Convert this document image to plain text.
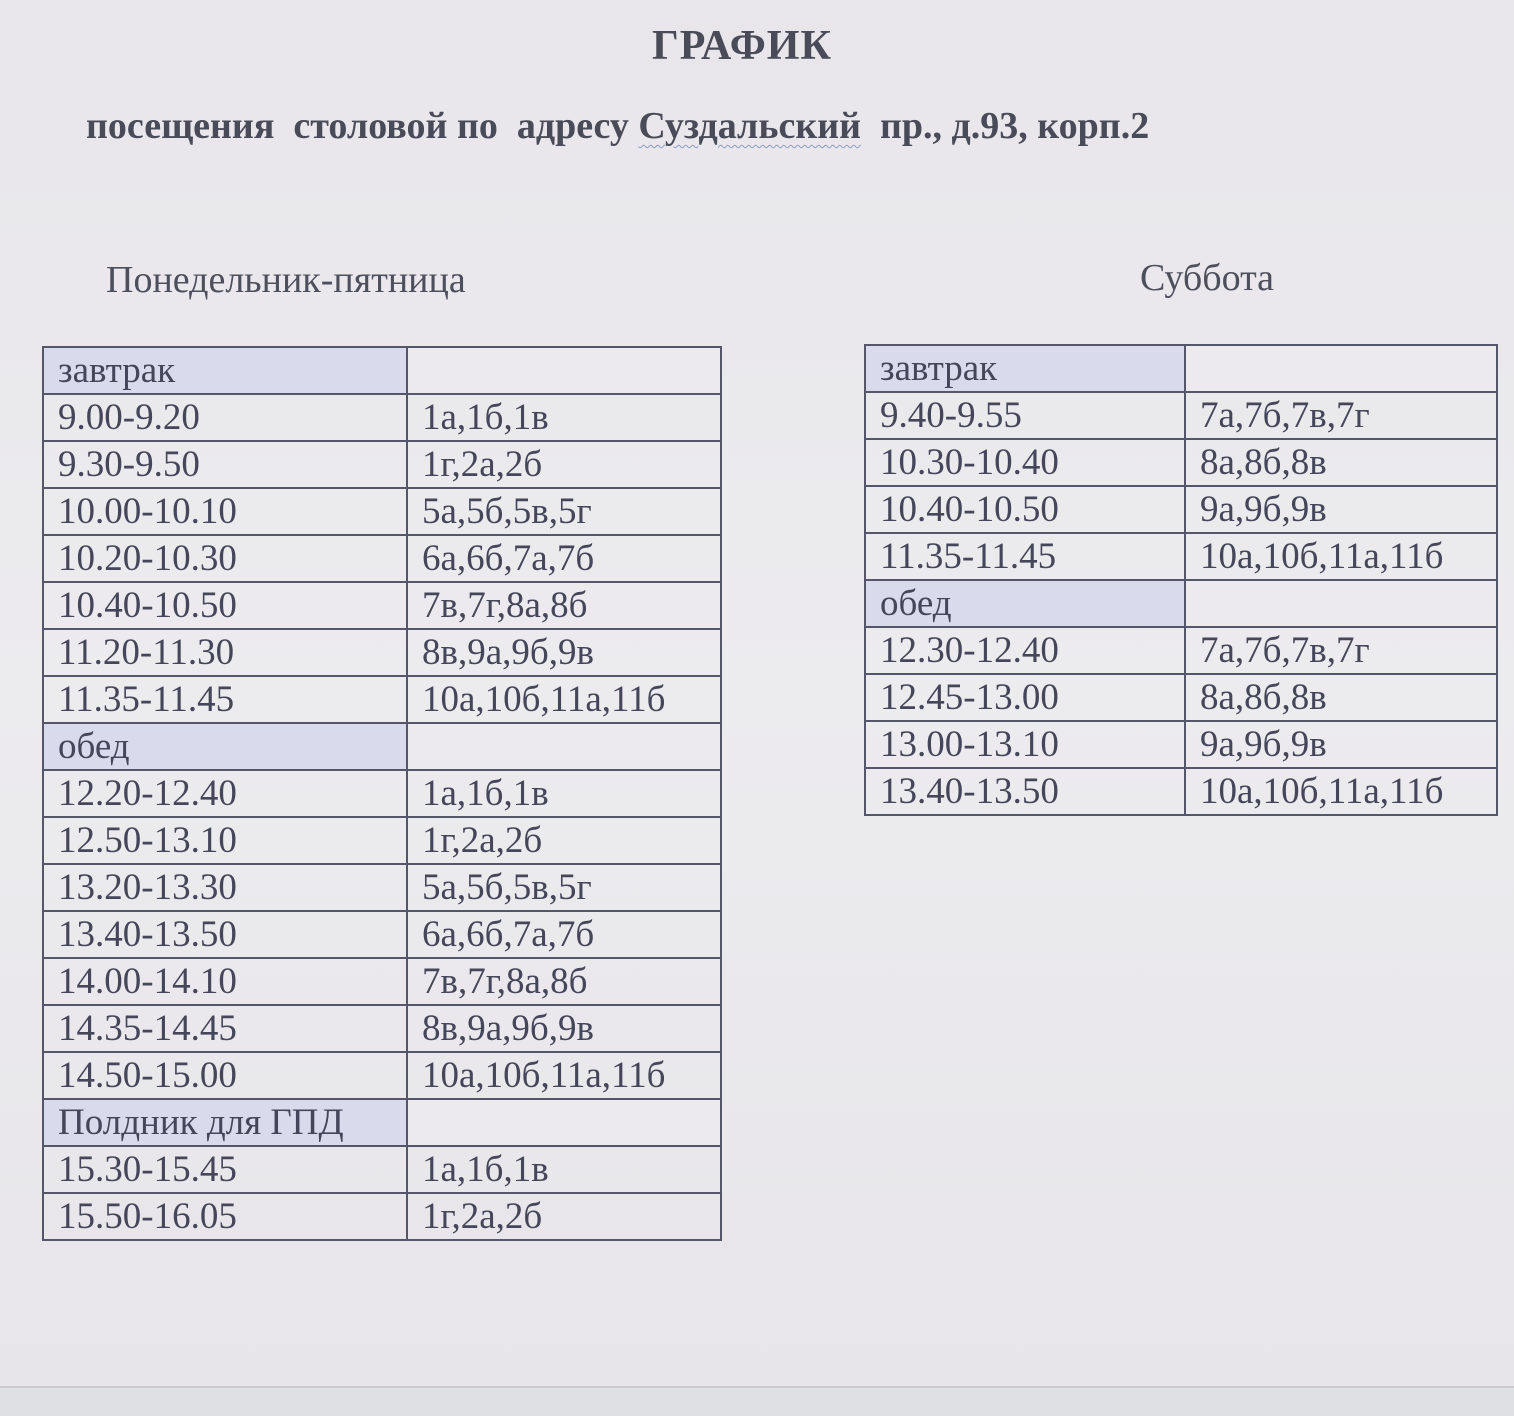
ГРАФИК
посещения  столовой по  адресу Суздальский  пр., д.93, корп.2
Понедельник-пятница	Суббота
завтрак	
9.00-9.20	1а,1б,1в
9.30-9.50	1г,2а,2б
10.00-10.10	5а,5б,5в,5г
10.20-10.30	6а,6б,7а,7б
10.40-10.50	7в,7г,8а,8б
11.20-11.30	8в,9а,9б,9в
11.35-11.45	10а,10б,11а,11б
обед	
12.20-12.40	1а,1б,1в
12.50-13.10	1г,2а,2б
13.20-13.30	5а,5б,5в,5г
13.40-13.50	6а,6б,7а,7б
14.00-14.10	7в,7г,8а,8б
14.35-14.45	8в,9а,9б,9в
14.50-15.00	10а,10б,11а,11б
Полдник для ГПД	
15.30-15.45	1а,1б,1в
15.50-16.05	1г,2а,2б
завтрак	
9.40-9.55	7а,7б,7в,7г
10.30-10.40	8а,8б,8в
10.40-10.50	9а,9б,9в
11.35-11.45	10а,10б,11а,11б
обед	
12.30-12.40	7а,7б,7в,7г
12.45-13.00	8а,8б,8в
13.00-13.10	9а,9б,9в
13.40-13.50	10а,10б,11а,11б
